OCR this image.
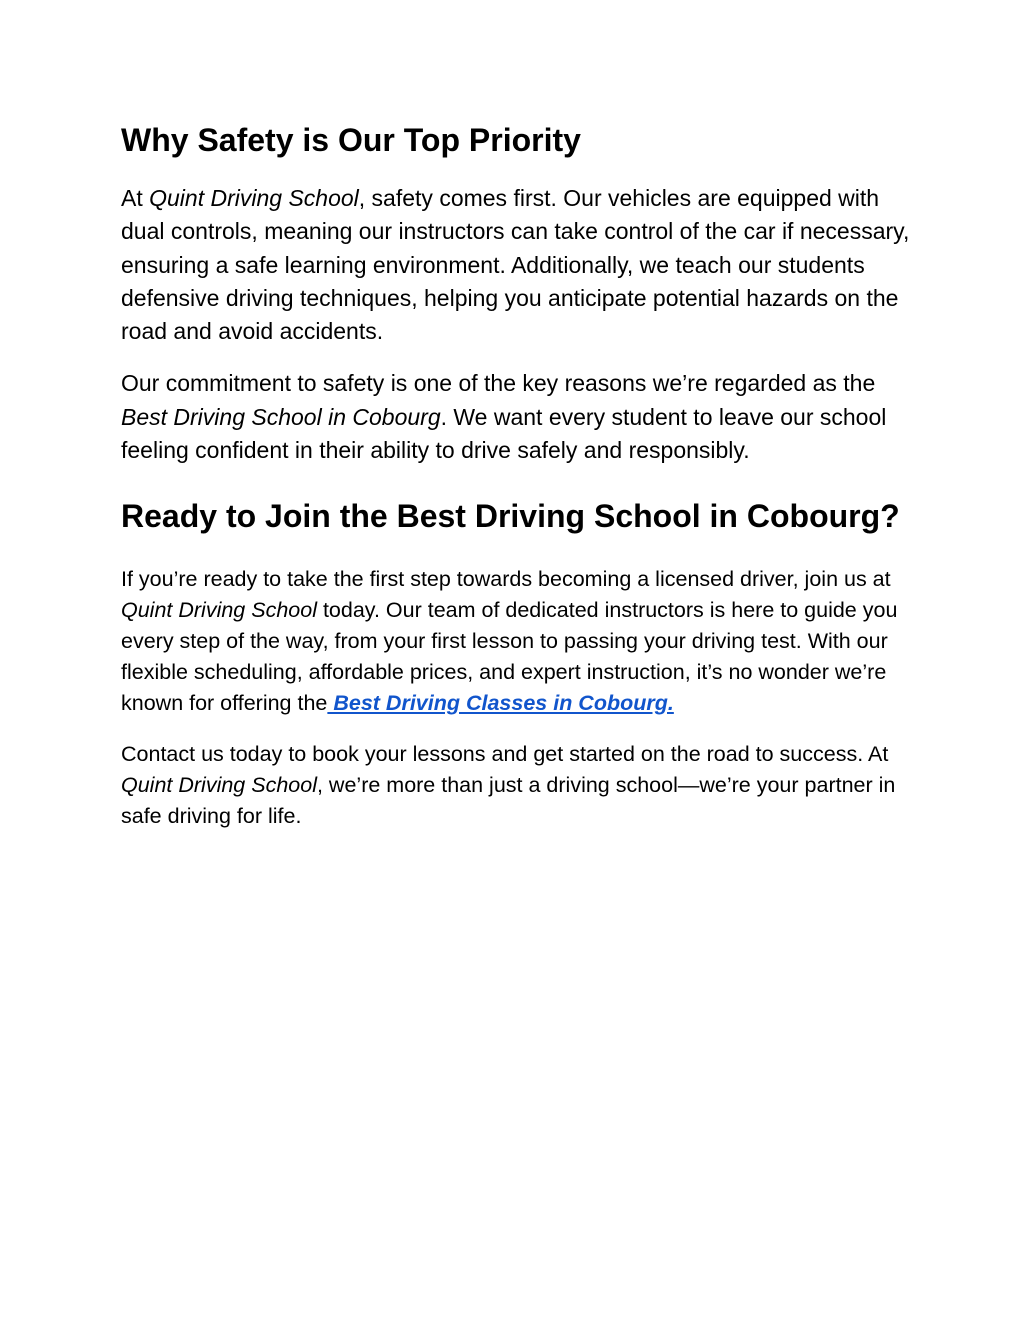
Why Safety is Our Top Priority

At Quint Driving School, safety comes first. Our vehicles are equipped with dual controls, meaning our instructors can take control of the car if necessary, ensuring a safe learning environment. Additionally, we teach our students defensive driving techniques, helping you anticipate potential hazards on the road and avoid accidents.

Our commitment to safety is one of the key reasons we’re regarded as the Best Driving School in Cobourg. We want every student to leave our school feeling confident in their ability to drive safely and responsibly.

Ready to Join the Best Driving School in Cobourg?

If you’re ready to take the first step towards becoming a licensed driver, join us at Quint Driving School today. Our team of dedicated instructors is here to guide you every step of the way, from your first lesson to passing your driving test. With our flexible scheduling, affordable prices, and expert instruction, it’s no wonder we’re known for offering the Best Driving Classes in Cobourg.

Contact us today to book your lessons and get started on the road to success. At Quint Driving School, we’re more than just a driving school—we’re your partner in safe driving for life.
